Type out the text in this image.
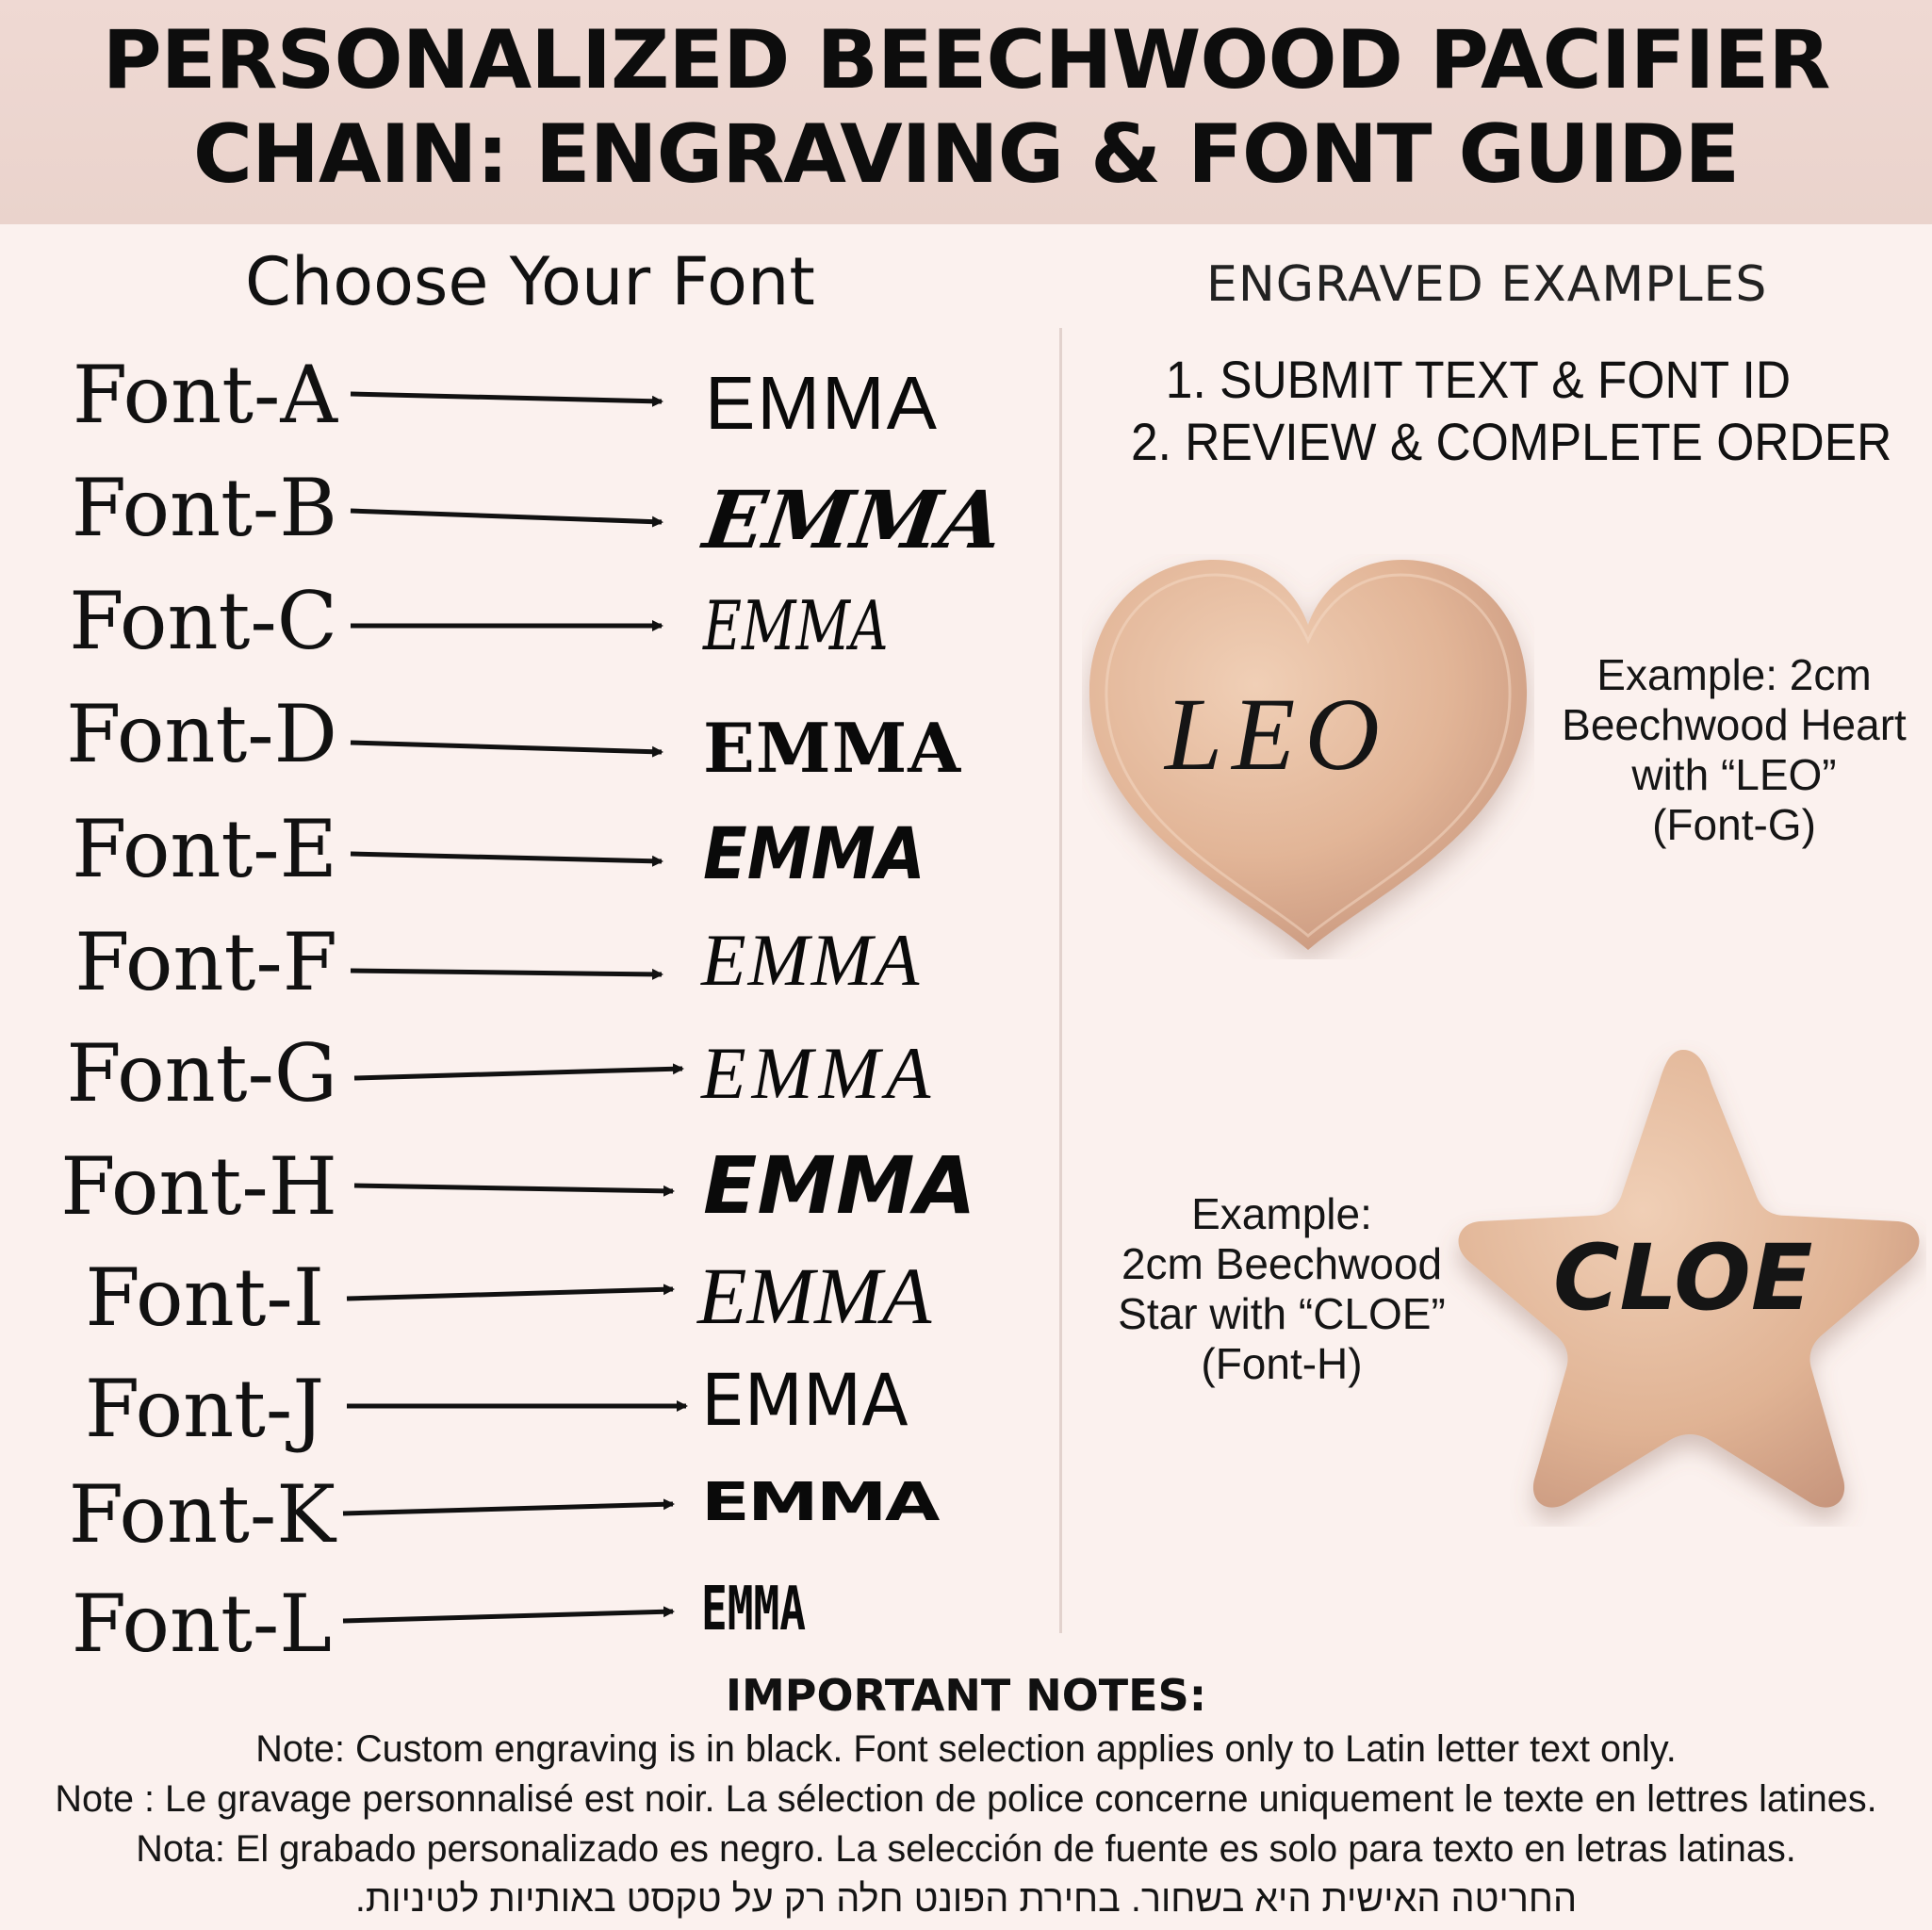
PERSONALIZED BEECHWOOD PACIFIER
CHAIN: ENGRAVING & FONT GUIDE
Choose Your Font	ENGRAVED EXAMPLES
Font-A
Font-B
Font-C
Font-D
Font-E
Font-F
Font-G
Font-H
Font-I
Font-J
Font-K
Font-L
EMMA
EMMA
EMMA
EMMA
EMMA
EMMA
EMMA
EMMA
EMMA
EMMA
EMMA
EMMA
1. SUBMIT TEXT & FONT ID
2. REVIEW & COMPLETE ORDER
LEO
Example: 2cm
Beechwood Heart
with “LEO”
(Font-G)
CLOE
Example:
2cm Beechwood
Star with “CLOE”
(Font-H)
IMPORTANT NOTES:
Note: Custom engraving is in black. Font selection applies only to Latin letter text only.
Note : Le gravage personnalisé est noir. La sélection de police concerne uniquement le texte en lettres latines.
Nota: El grabado personalizado es negro. La selección de fuente es solo para texto en letras latinas.
החריטה האישית היא בשחור. בחירת הפונט חלה רק על טקסט באותיות לטיניות.
